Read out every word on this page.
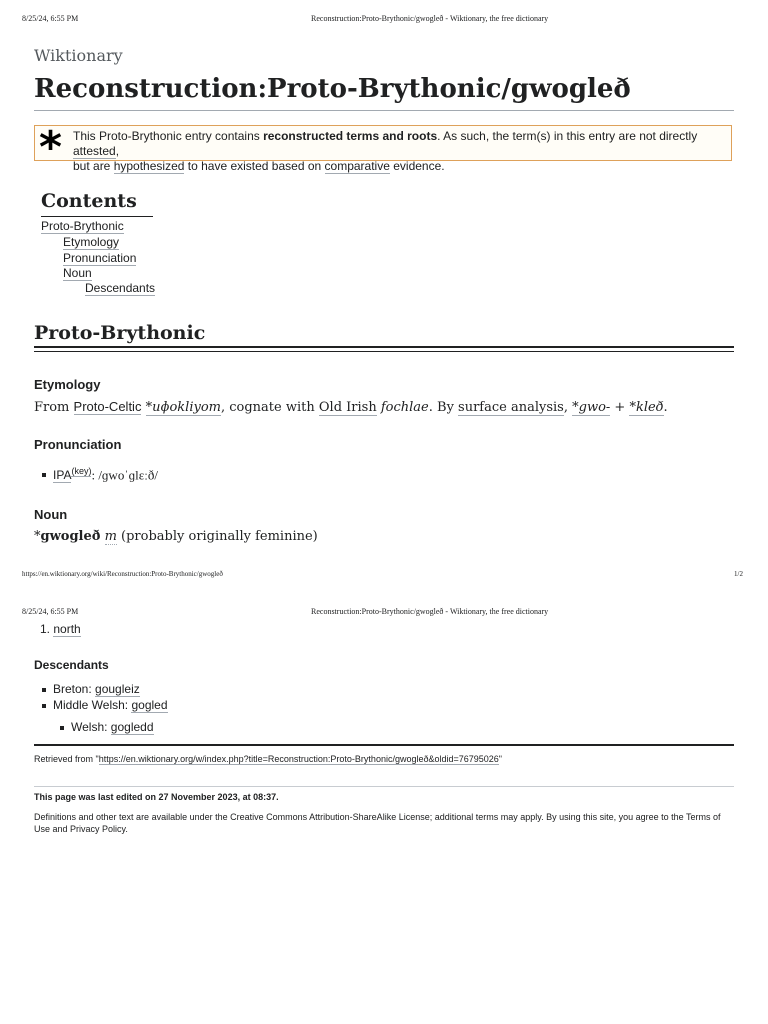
8/25/24, 6:55 PM	Reconstruction:Proto-Brythonic/gwogleð - Wiktionary, the free dictionary
Wiktionary
Reconstruction:Proto-Brythonic/gwogleð
* This Proto-Brythonic entry contains reconstructed terms and roots. As such, the term(s) in this entry are not directly attested,
but are hypothesized to have existed based on comparative evidence.
Contents
Proto-Brythonic
Etymology
Pronunciation
Noun
Descendants
Proto-Brythonic
Etymology
From Proto-Celtic *uɸokliyom, cognate with Old Irish fochlae. By surface analysis, *gwo- + *kleð.
Pronunciation
$IPA^{(key)}$: /ɡwoˈɡlɛːð/
Noun
*gwogleð m (probably originally feminine)
https://en.wiktionary.org/wiki/Reconstruction:Proto-Brythonic/gwogleð	1/2
8/25/24, 6:55 PM	Reconstruction:Proto-Brythonic/gwogleð - Wiktionary, the free dictionary
1. north
Descendants
Breton: gougleiz
Middle Welsh: gogled
Welsh: gogledd
Retrieved from "https://en.wiktionary.org/w/index.php?title=Reconstruction:Proto-Brythonic/gwogleð&oldid=76795026"
This page was last edited on 27 November 2023, at 08:37.
Definitions and other text are available under the Creative Commons Attribution-ShareAlike License; additional terms may apply. By using this site, you agree to the Terms of Use and Privacy Policy.
